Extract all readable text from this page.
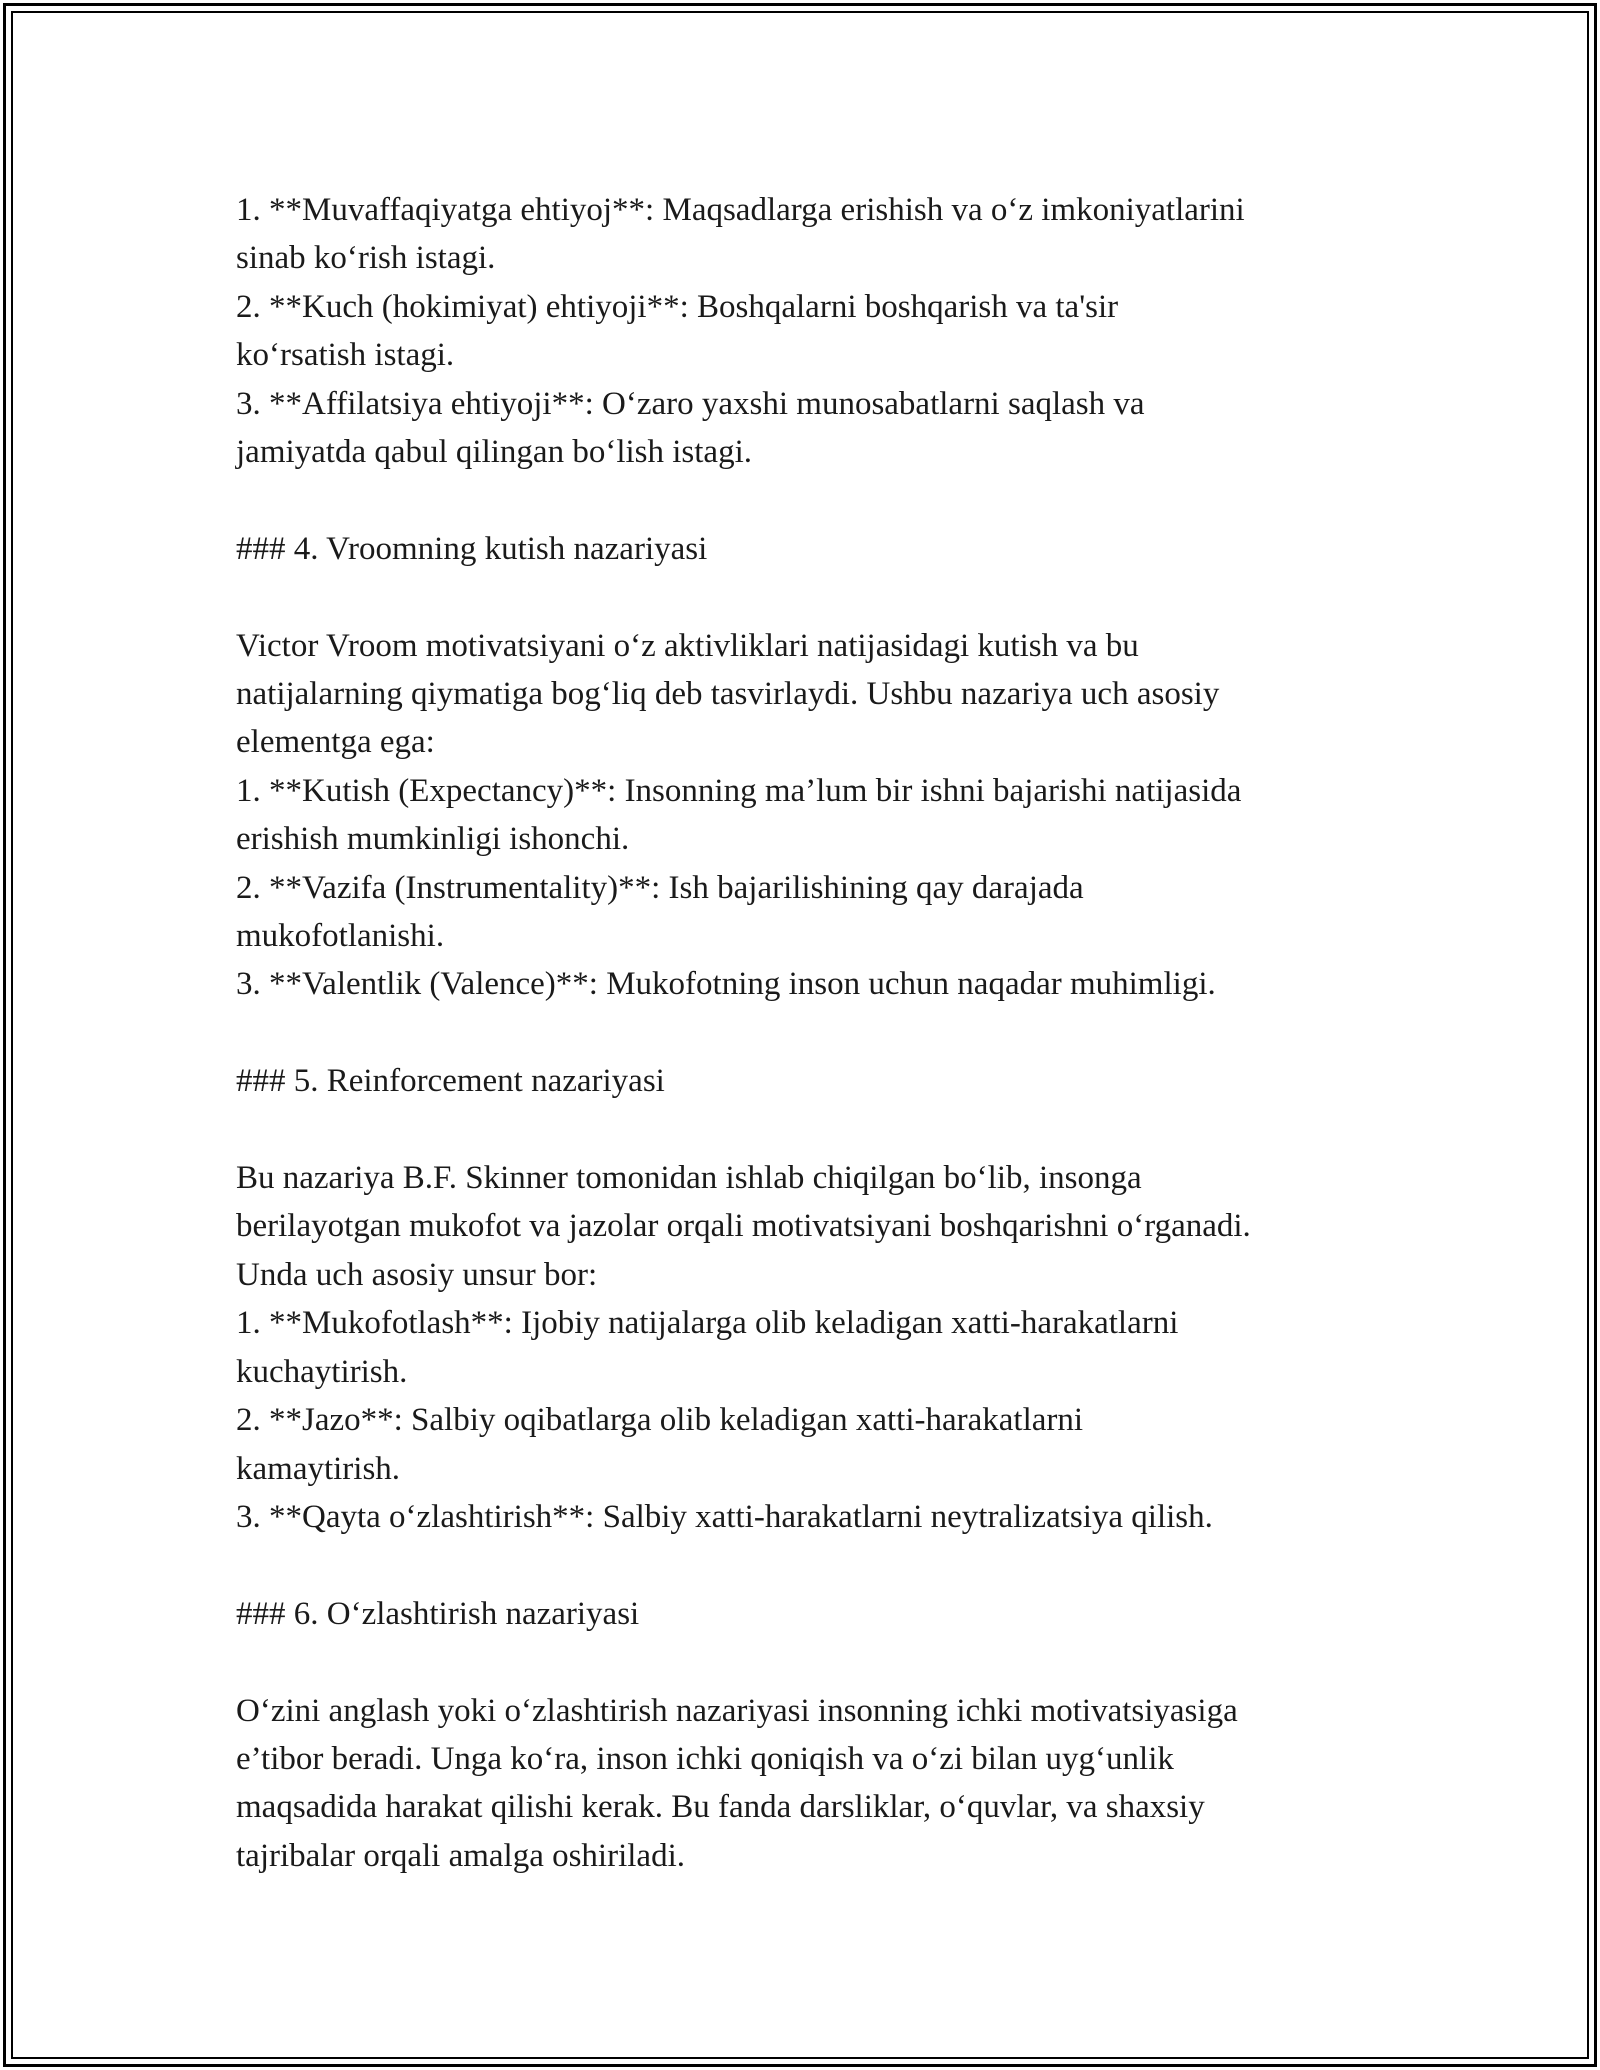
1. **Muvaffaqiyatga ehtiyoj**: Maqsadlarga erishish va o‘z imkoniyatlarini
sinab ko‘rish istagi.
2. **Kuch (hokimiyat) ehtiyoji**: Boshqalarni boshqarish va ta'sir
ko‘rsatish istagi.
3. **Affilatsiya ehtiyoji**: O‘zaro yaxshi munosabatlarni saqlash va
jamiyatda qabul qilingan bo‘lish istagi.
### 4. Vroomning kutish nazariyasi
Victor Vroom motivatsiyani o‘z aktivliklari natijasidagi kutish va bu
natijalarning qiymatiga bog‘liq deb tasvirlaydi. Ushbu nazariya uch asosiy
elementga ega:
1. **Kutish (Expectancy)**: Insonning ma’lum bir ishni bajarishi natijasida
erishish mumkinligi ishonchi.
2. **Vazifa (Instrumentality)**: Ish bajarilishining qay darajada
mukofotlanishi.
3. **Valentlik (Valence)**: Mukofotning inson uchun naqadar muhimligi.
### 5. Reinforcement nazariyasi
Bu nazariya B.F. Skinner tomonidan ishlab chiqilgan bo‘lib, insonga
berilayotgan mukofot va jazolar orqali motivatsiyani boshqarishni o‘rganadi.
Unda uch asosiy unsur bor:
1. **Mukofotlash**: Ijobiy natijalarga olib keladigan xatti-harakatlarni
kuchaytirish.
2. **Jazo**: Salbiy oqibatlarga olib keladigan xatti-harakatlarni
kamaytirish.
3. **Qayta o‘zlashtirish**: Salbiy xatti-harakatlarni neytralizatsiya qilish.
### 6. O‘zlashtirish nazariyasi
O‘zini anglash yoki o‘zlashtirish nazariyasi insonning ichki motivatsiyasiga
e’tibor beradi. Unga ko‘ra, inson ichki qoniqish va o‘zi bilan uyg‘unlik
maqsadida harakat qilishi kerak. Bu fanda darsliklar, o‘quvlar, va shaxsiy
tajribalar orqali amalga oshiriladi.
